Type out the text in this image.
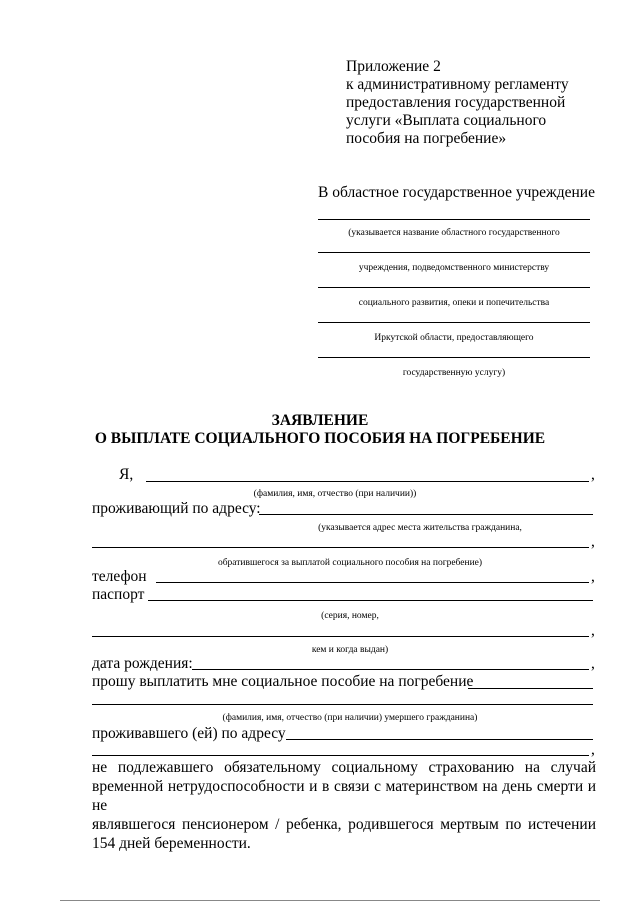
Приложение 2
к административному регламенту
предоставления государственной
услуги «Выплата социального
пособия на погребение»
В областное государственное учреждение
(указывается название областного государственного
учреждения, подведомственного министерству
социального развития, опеки и попечительства
Иркутской области, предоставляющего
государственную услугу)
ЗАЯВЛЕНИЕ
О ВЫПЛАТЕ СОЦИАЛЬНОГО ПОСОБИЯ НА ПОГРЕБЕНИЕ
Я,	,
(фамилия, имя, отчество (при наличии))
проживающий по адресу:
(указывается адрес места жительства гражданина,
,
обратившегося за выплатой социального пособия на погребение)
телефон	,
паспорт
(серия, номер,
,
кем и когда выдан)
дата рождения:	,
прошу выплатить мне социальное пособие на погребение
(фамилия, имя, отчество (при наличии) умершего гражданина)
проживавшего (ей) по адресу
,
не подлежавшего обязательному социальному страхованию на случай
временной нетрудоспособности и в связи с материнством на день смерти и не
являвшегося пенсионером / ребенка, родившегося мертвым по истечении
154 дней беременности.
